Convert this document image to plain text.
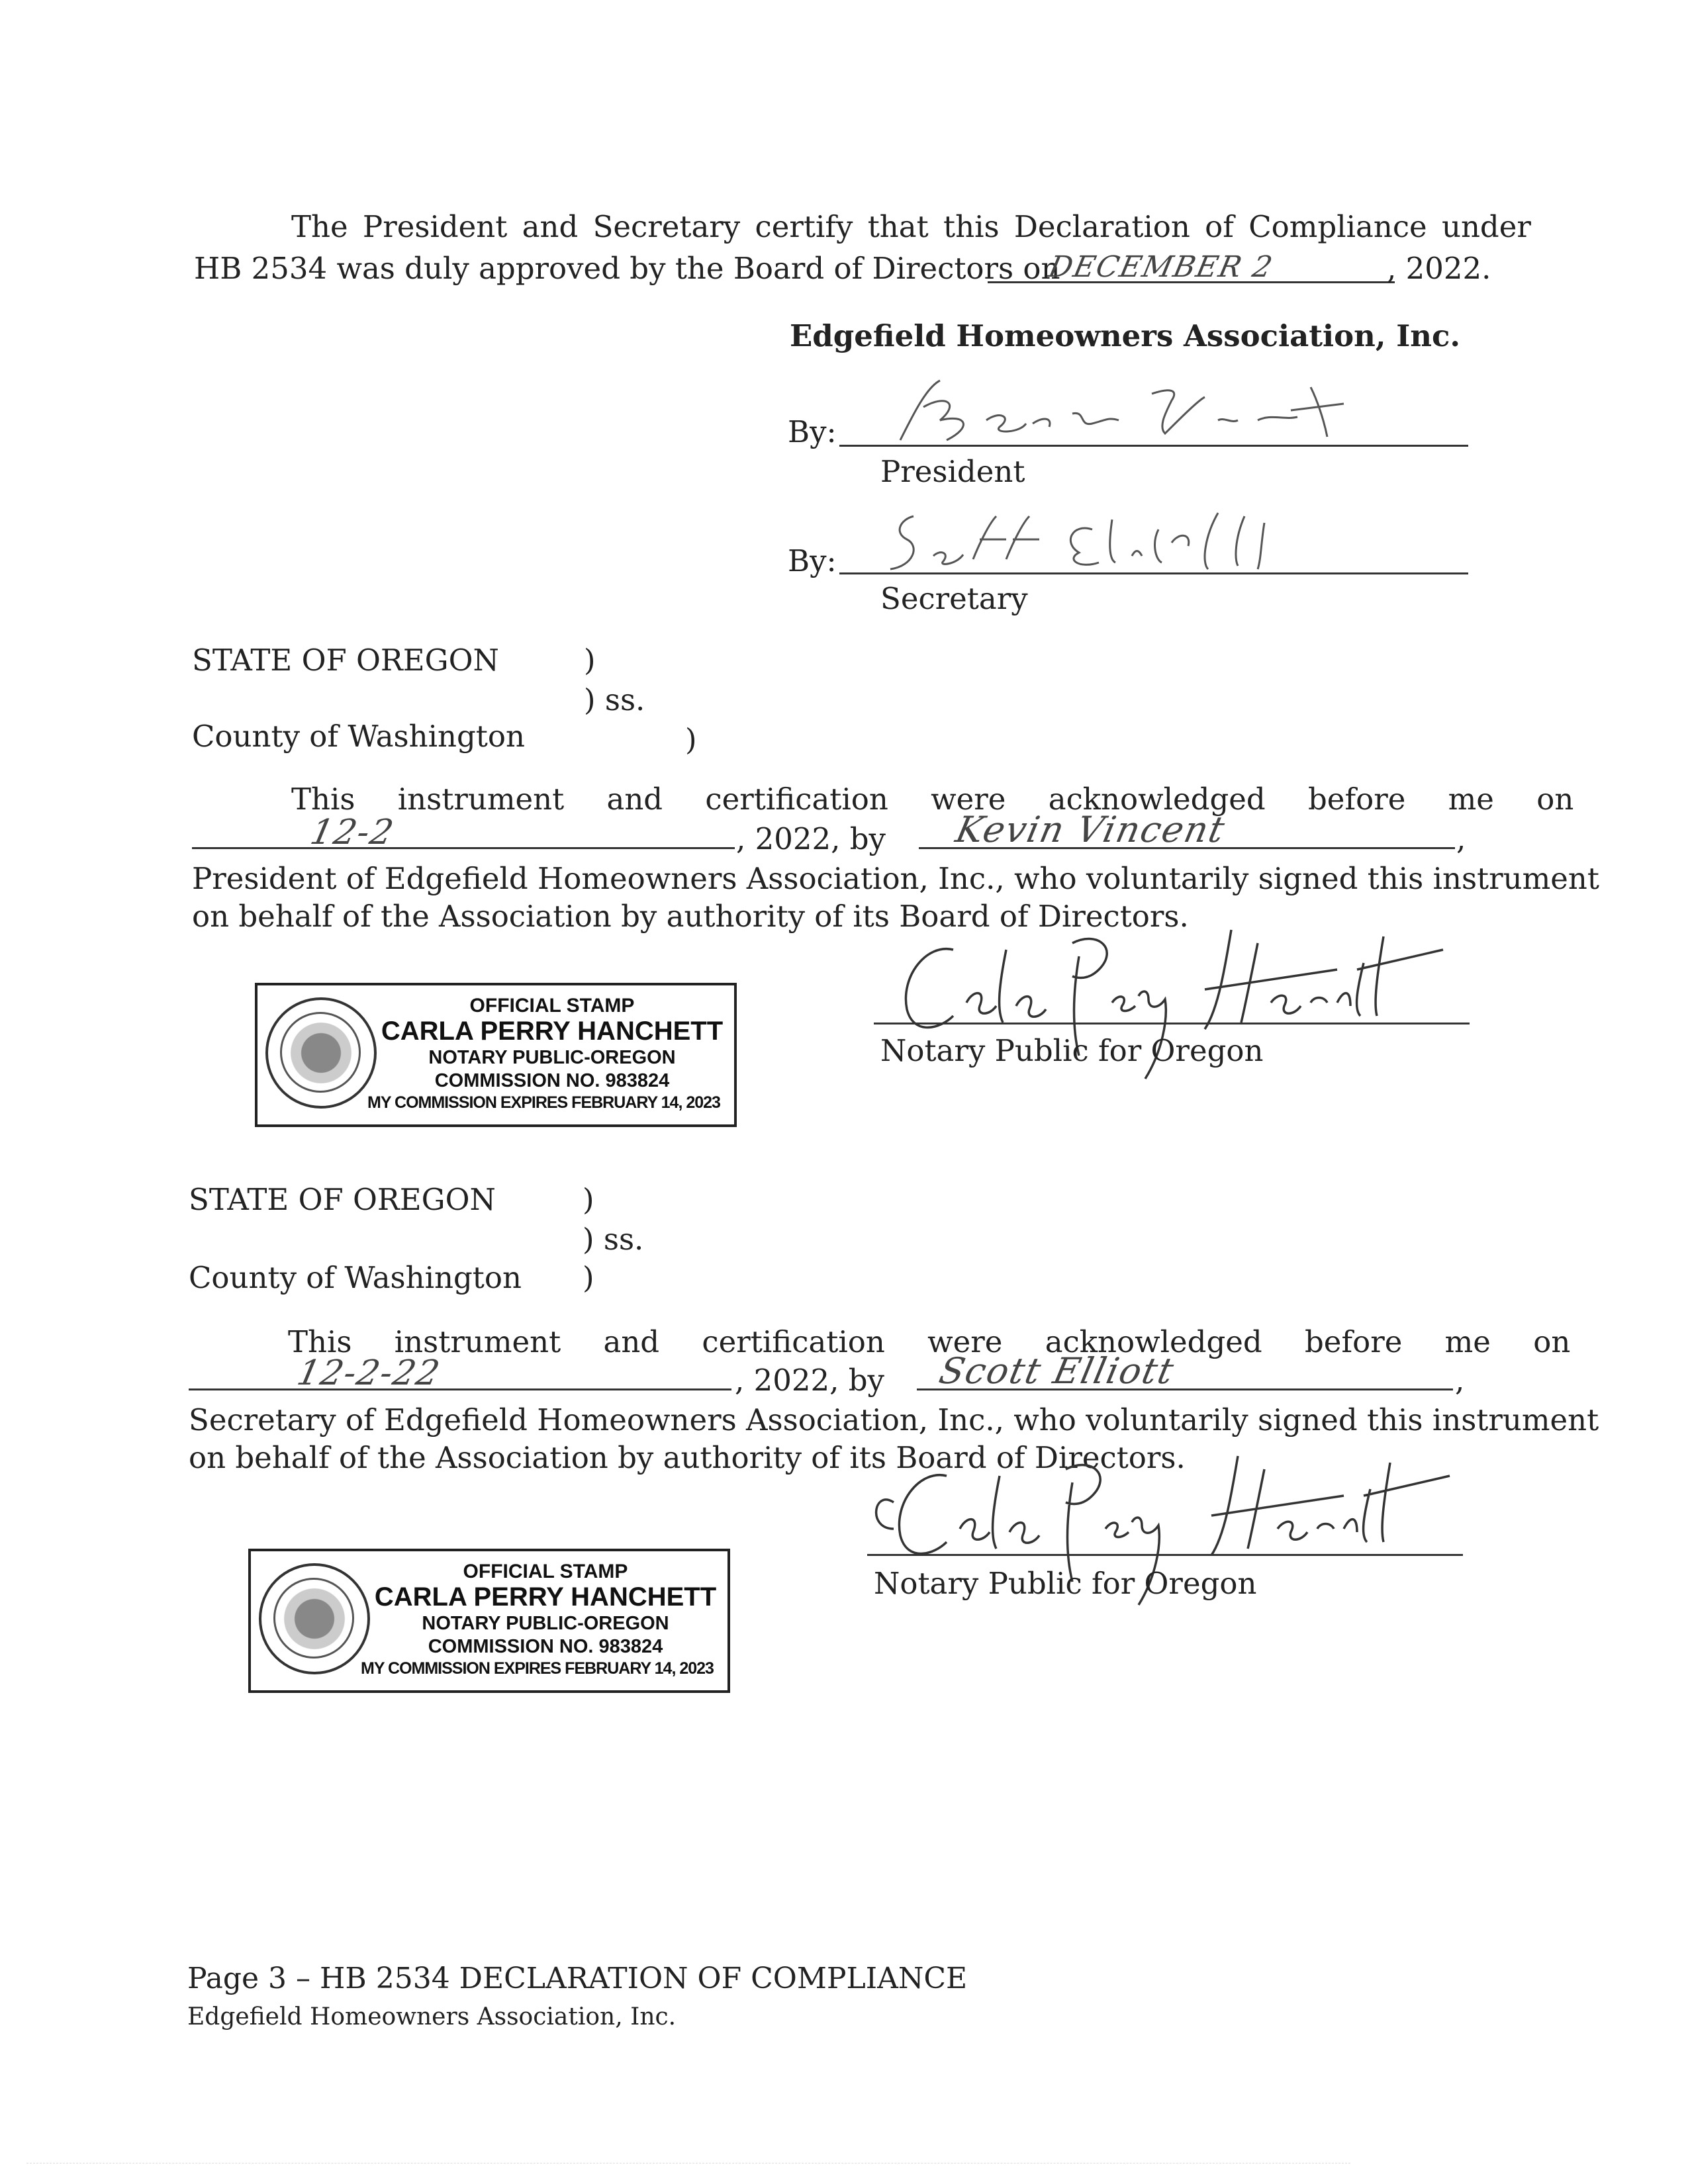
The President and Secretary certify that this Declaration of Compliance under
HB 2534 was duly approved by the Board of Directors on
DECEMBER 2	, 2022.
Edgefield Homeowners Association, Inc.
By:
President
By:
Secretary
STATE OF OREGON	)
) ss.
County of Washington	)
This instrument and certification were acknowledged before me on
12-2	, 2022, by Kevin Vincent	,
President of Edgefield Homeowners Association, Inc., who voluntarily signed this instrument
on behalf of the Association by authority of its Board of Directors.
Notary Public for Oregon
OFFICIAL STAMP
CARLA PERRY HANCHETT
NOTARY PUBLIC-OREGON
COMMISSION NO. 983824
MY COMMISSION EXPIRES FEBRUARY 14, 2023
STATE OF OREGON	)
) ss.
County of Washington )
This instrument and certification were acknowledged before me on
12-2-22	, 2022, by Scott Elliott	,
Secretary of Edgefield Homeowners Association, Inc., who voluntarily signed this instrument
on behalf of the Association by authority of its Board of Directors.
Notary Public for Oregon
OFFICIAL STAMP
CARLA PERRY HANCHETT
NOTARY PUBLIC-OREGON
COMMISSION NO. 983824
MY COMMISSION EXPIRES FEBRUARY 14, 2023
Page 3 – HB 2534 DECLARATION OF COMPLIANCE
Edgefield Homeowners Association, Inc.
